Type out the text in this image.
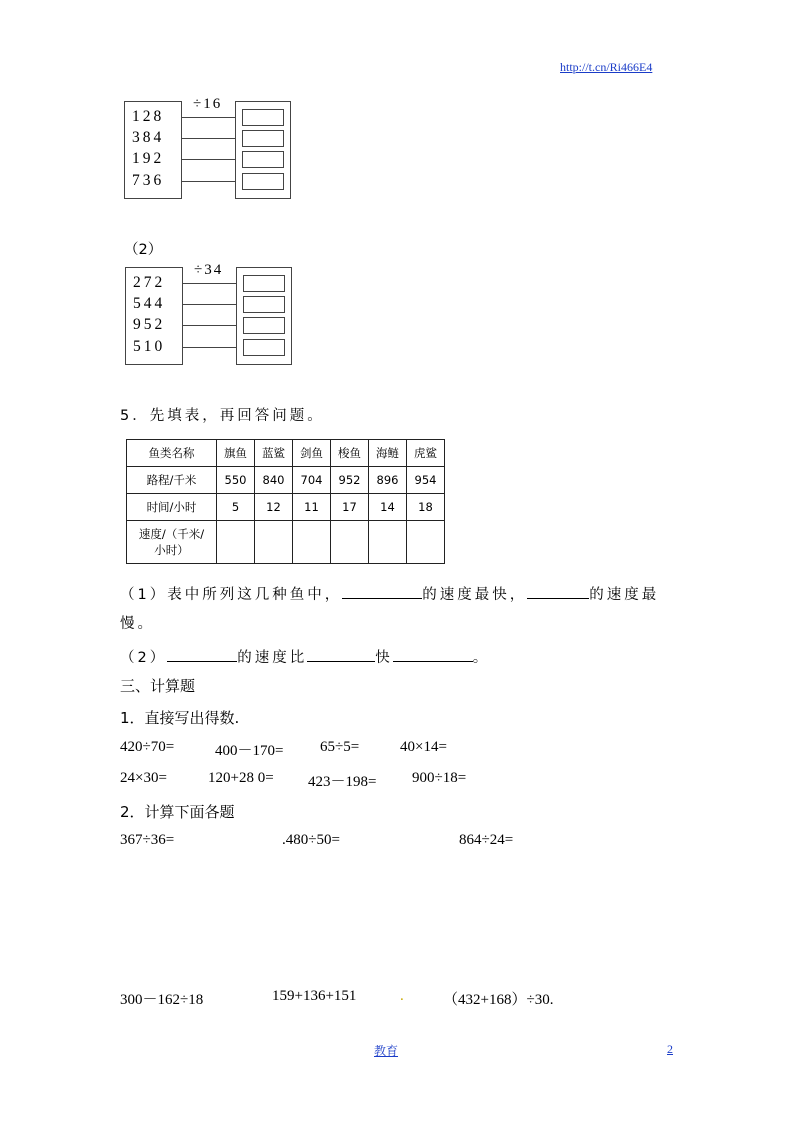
http://t.cn/Ri466E4
÷16
128
384
192
736
（2）
÷34
272
544
952
510
5．先填表，再回答问题。
鱼类名称	旗鱼	蓝鲨	剑鱼	梭鱼	海鲢	虎鲨
路程/千米	550	840	704	952	896	954
时间/小时	5	12	11	17	14	18

速度/（千米/
小时）						

（1）表中所列这几种鱼中，	的速度最快，	的速度最
慢。
（2）	的速度比	快	。
三、计算题
1．直接写出得数.
420÷70=	400－170= 65÷5=	40×14=
24×30=	120+28 0= 423－198= 900÷18=
2．计算下面各题
367÷36=	.480÷50=	864÷24=
300－162÷18	159+136+151	.	（432+168）÷30.
教育	2
